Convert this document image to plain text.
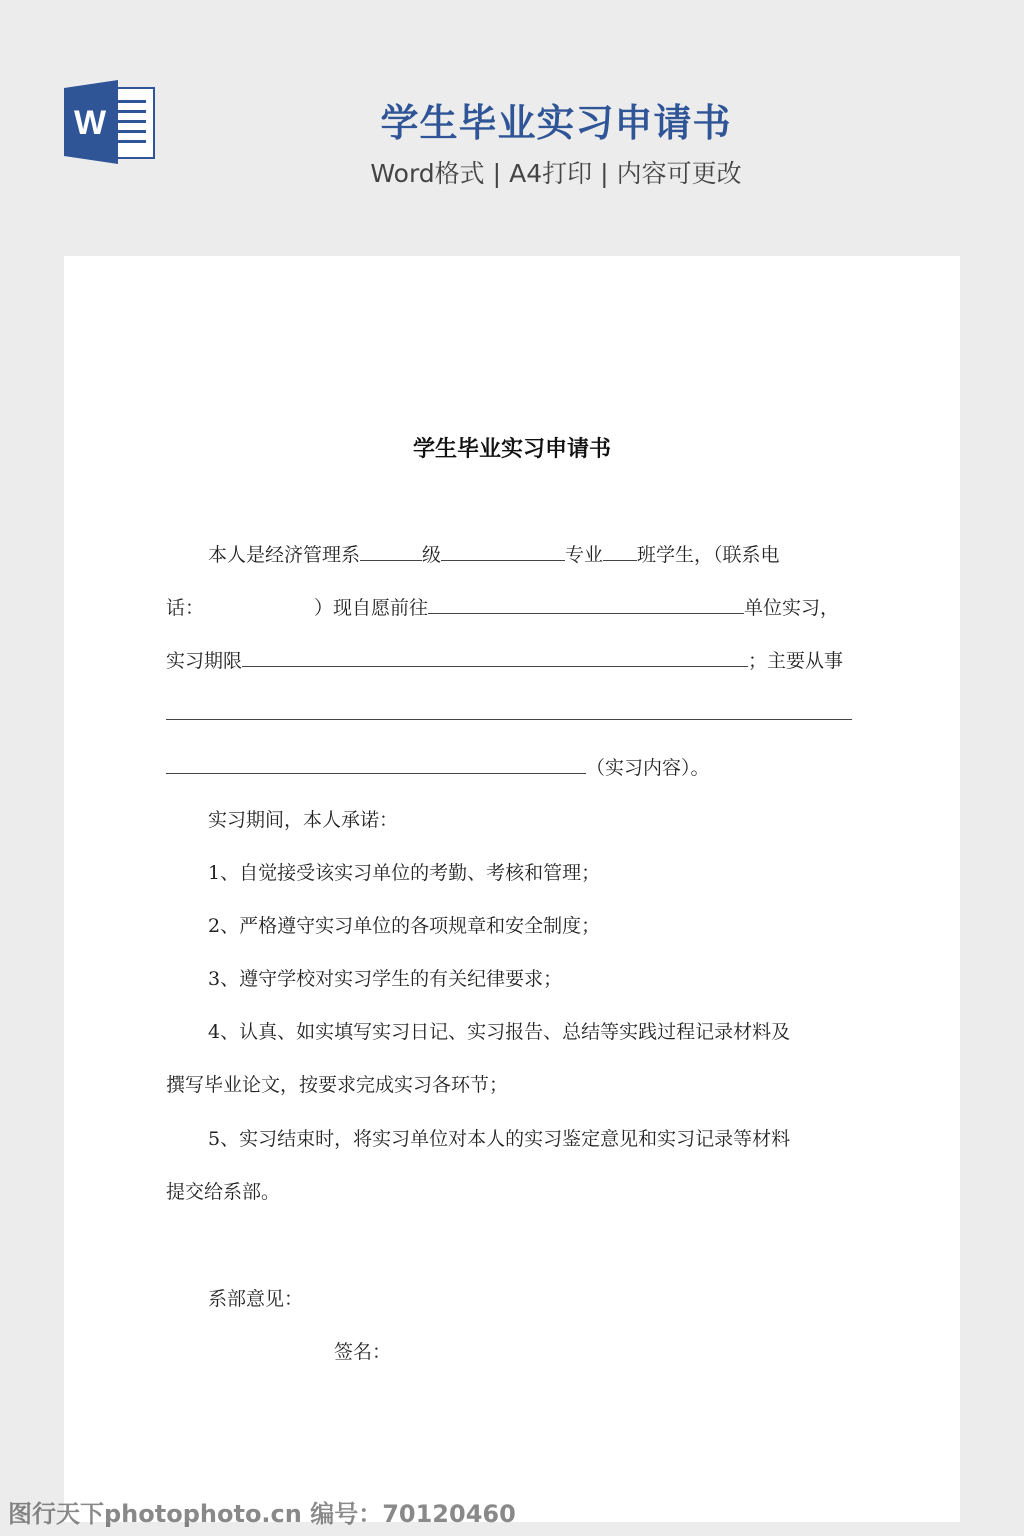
W	学生毕业实习申请书
Word格式 | A4打印 | 内容可更改
学生毕业实习申请书
本人是经济管理系	级	专业 班学生，（联系电
话：	）现自愿前往	单位实习，
实习期限	；主要从事
（实习内容）。
实习期间，本人承诺：
1、自觉接受该实习单位的考勤、考核和管理；
2、严格遵守实习单位的各项规章和安全制度；
3、遵守学校对实习学生的有关纪律要求；
4、认真、如实填写实习日记、实习报告、总结等实践过程记录材料及
撰写毕业论文，按要求完成实习各环节；
5、实习结束时，将实习单位对本人的实习鉴定意见和实习记录等材料
提交给系部。
系部意见：
签名：
图行天下photophoto.cn 编号：70120460
